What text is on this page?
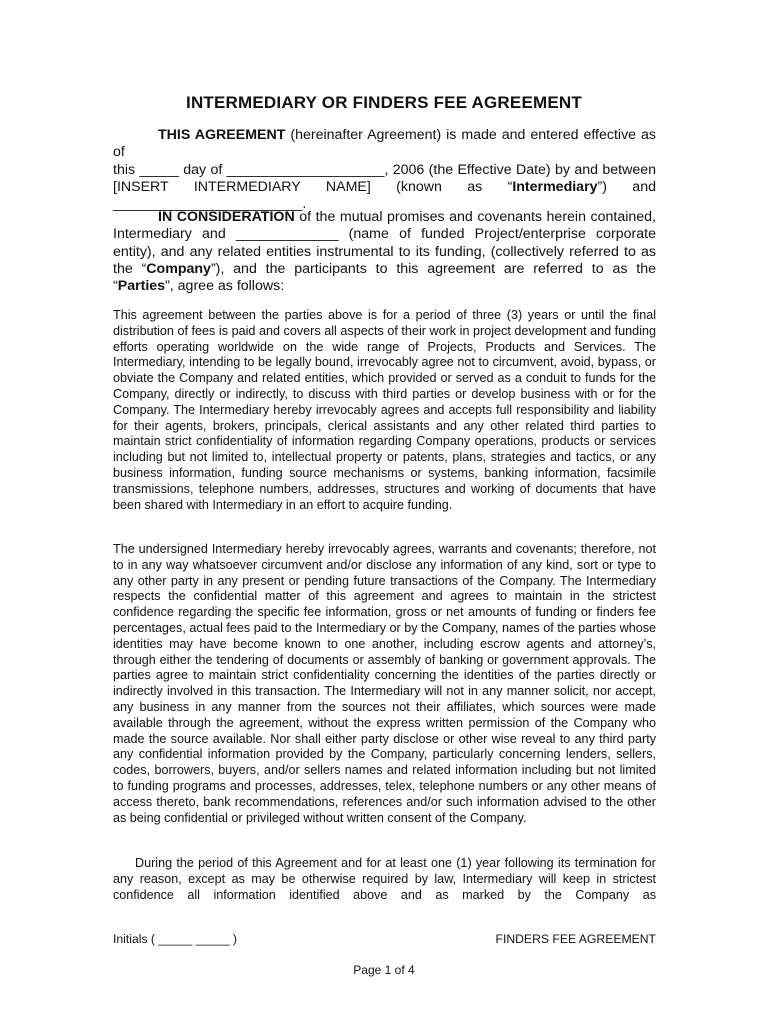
INTERMEDIARY OR FINDERS FEE AGREEMENT

THIS AGREEMENT (hereinafter Agreement) is made and entered effective as of

this _____ day of ____________________, 2006 (the Effective Date) by and between

[INSERT   INTERMEDIARY   NAME]   (known   as   “Intermediary”)   and

________________________.

IN CONSIDERATION of the mutual promises and covenants herein contained, Intermediary and _____________ (name of funded Project/enterprise corporate entity), and any related entities instrumental to its funding, (collectively referred to as the “Company”), and the participants to this agreement are referred to as the “Parties”, agree as follows:

This agreement between the parties above is for a period of three (3) years or until the final distribution of fees is paid and covers all aspects of their work in project development and funding efforts operating worldwide on the wide range of Projects, Products and Services. The Intermediary, intending to be legally bound, irrevocably agree not to circumvent, avoid, bypass, or obviate the Company and related entities, which provided or served as a conduit to funds for the Company, directly or indirectly, to discuss with third parties or develop business with or for the Company. The Intermediary hereby irrevocably agrees and accepts full responsibility and liability for their agents, brokers, principals, clerical assistants and any other related third parties to maintain strict confidentiality of information regarding Company operations, products or services including but not limited to, intellectual property or patents, plans, strategies and tactics, or any business information, funding source mechanisms or systems, banking information, facsimile transmissions, telephone numbers, addresses, structures and working of documents that have been shared with Intermediary in an effort to acquire funding.

The undersigned Intermediary hereby irrevocably agrees, warrants and covenants; therefore, not to in any way whatsoever circumvent and/or disclose any information of any kind, sort or type to any other party in any present or pending future transactions of the Company. The Intermediary respects the confidential matter of this agreement and agrees to maintain in the strictest confidence regarding the specific fee information, gross or net amounts of funding or finders fee percentages, actual fees paid to the Intermediary or by the Company, names of the parties whose identities may have become known to one another, including escrow agents and attorney’s, through either the tendering of documents or assembly of banking or government approvals. The parties agree to maintain strict confidentiality concerning the identities of the parties directly or indirectly involved in this transaction. The Intermediary will not in any manner solicit, nor accept, any business in any manner from the sources not their affiliates, which sources were made available through the agreement, without the express written permission of the Company who made the source available. Nor shall either party disclose or other wise reveal to any third party any confidential information provided by the Company, particularly concerning lenders, sellers, codes, borrowers, buyers, and/or sellers names and related information including but not limited to funding programs and processes, addresses, telex, telephone numbers or any other means of access thereto, bank recommendations, references and/or such information advised to the other as being confidential or privileged without written consent of the Company.

During the period of this Agreement and for at least one (1) year following its termination for any reason, except as may be otherwise required by law, Intermediary will keep in strictest confidence all information identified above and as marked by the Company as

Initials ( _____ _____ )	FINDERS FEE AGREEMENT
Page 1 of 4
